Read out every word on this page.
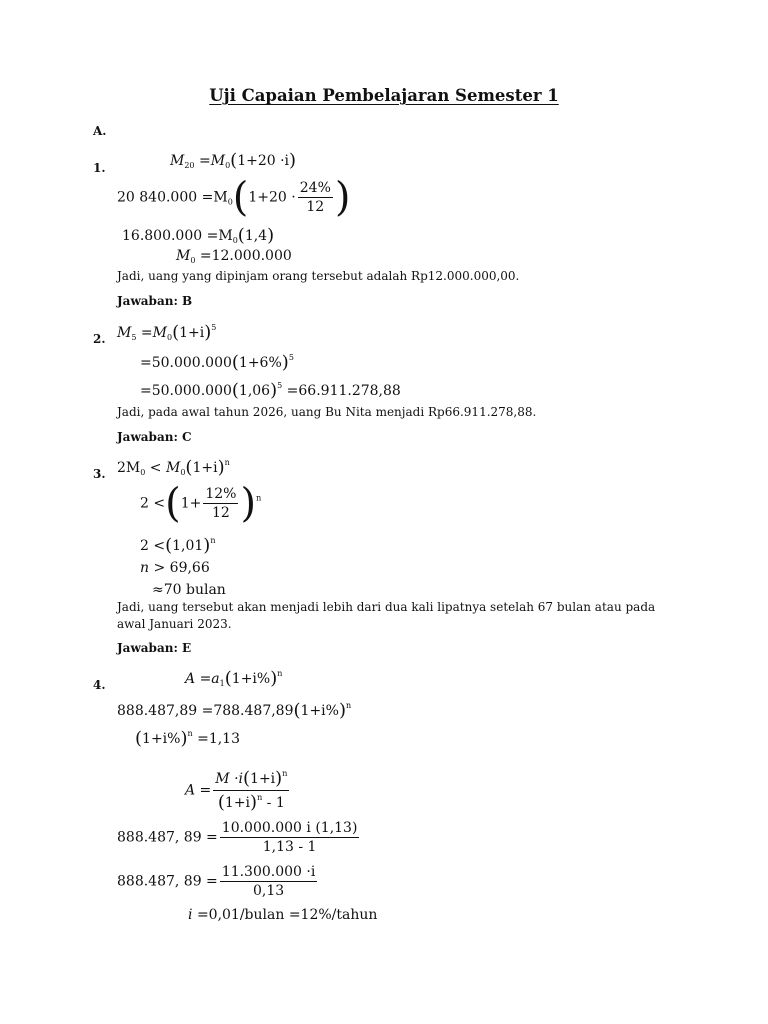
Uji Capaian Pembelajaran Semester 1
A.
1.	$M_{20} =M_0(1+20 \cdot i)$
20 $840.000 =M_0(1+20 \cdot \frac{24\%}{12}$ )
$16.800.000 =M_0(1,4)$
$M_0 =12.000.000$
Jadi, uang yang dipinjam orang tersebut adalah Rp12.000.000,00.
Jawaban: B
2. $M_5 =M_0(1+i)^5$
$=50.000.000(1+6\%)^5$
$=50.000.000(1,06)^5 =66.911.278,88$
Jadi, pada awal tahun 2026, uang Bu Nita menjadi Rp66.911.278,88.
Jawaban: C
3. $2M_0 < M_0(1+i)^n$
$2 <(1+ \frac{12\%}{12} )^n$
$2 <(1,01)^n$
n > 69,66
≈70 bulan
Jadi, uang tersebut akan menjadi lebih dari dua kali lipatnya setelah 67 bulan atau pada
awal Januari 2023.
Jawaban: E
4.	$A =a_1(1+i\%)^n$
$888.487,89 =788.487,89(1+i\%)^n$
$(1+i\%)^n =1,13$
$A = \frac{M \cdot i(1+i)^n}{(1+i)^n - 1}$
888.487, $89 = \frac{10.000.000 i (1,13)}{1,13 - 1}$
888.487, $89 = \frac{11.300.000 \cdot i}{0,13}$
i =0,01/bulan =12%/tahun
